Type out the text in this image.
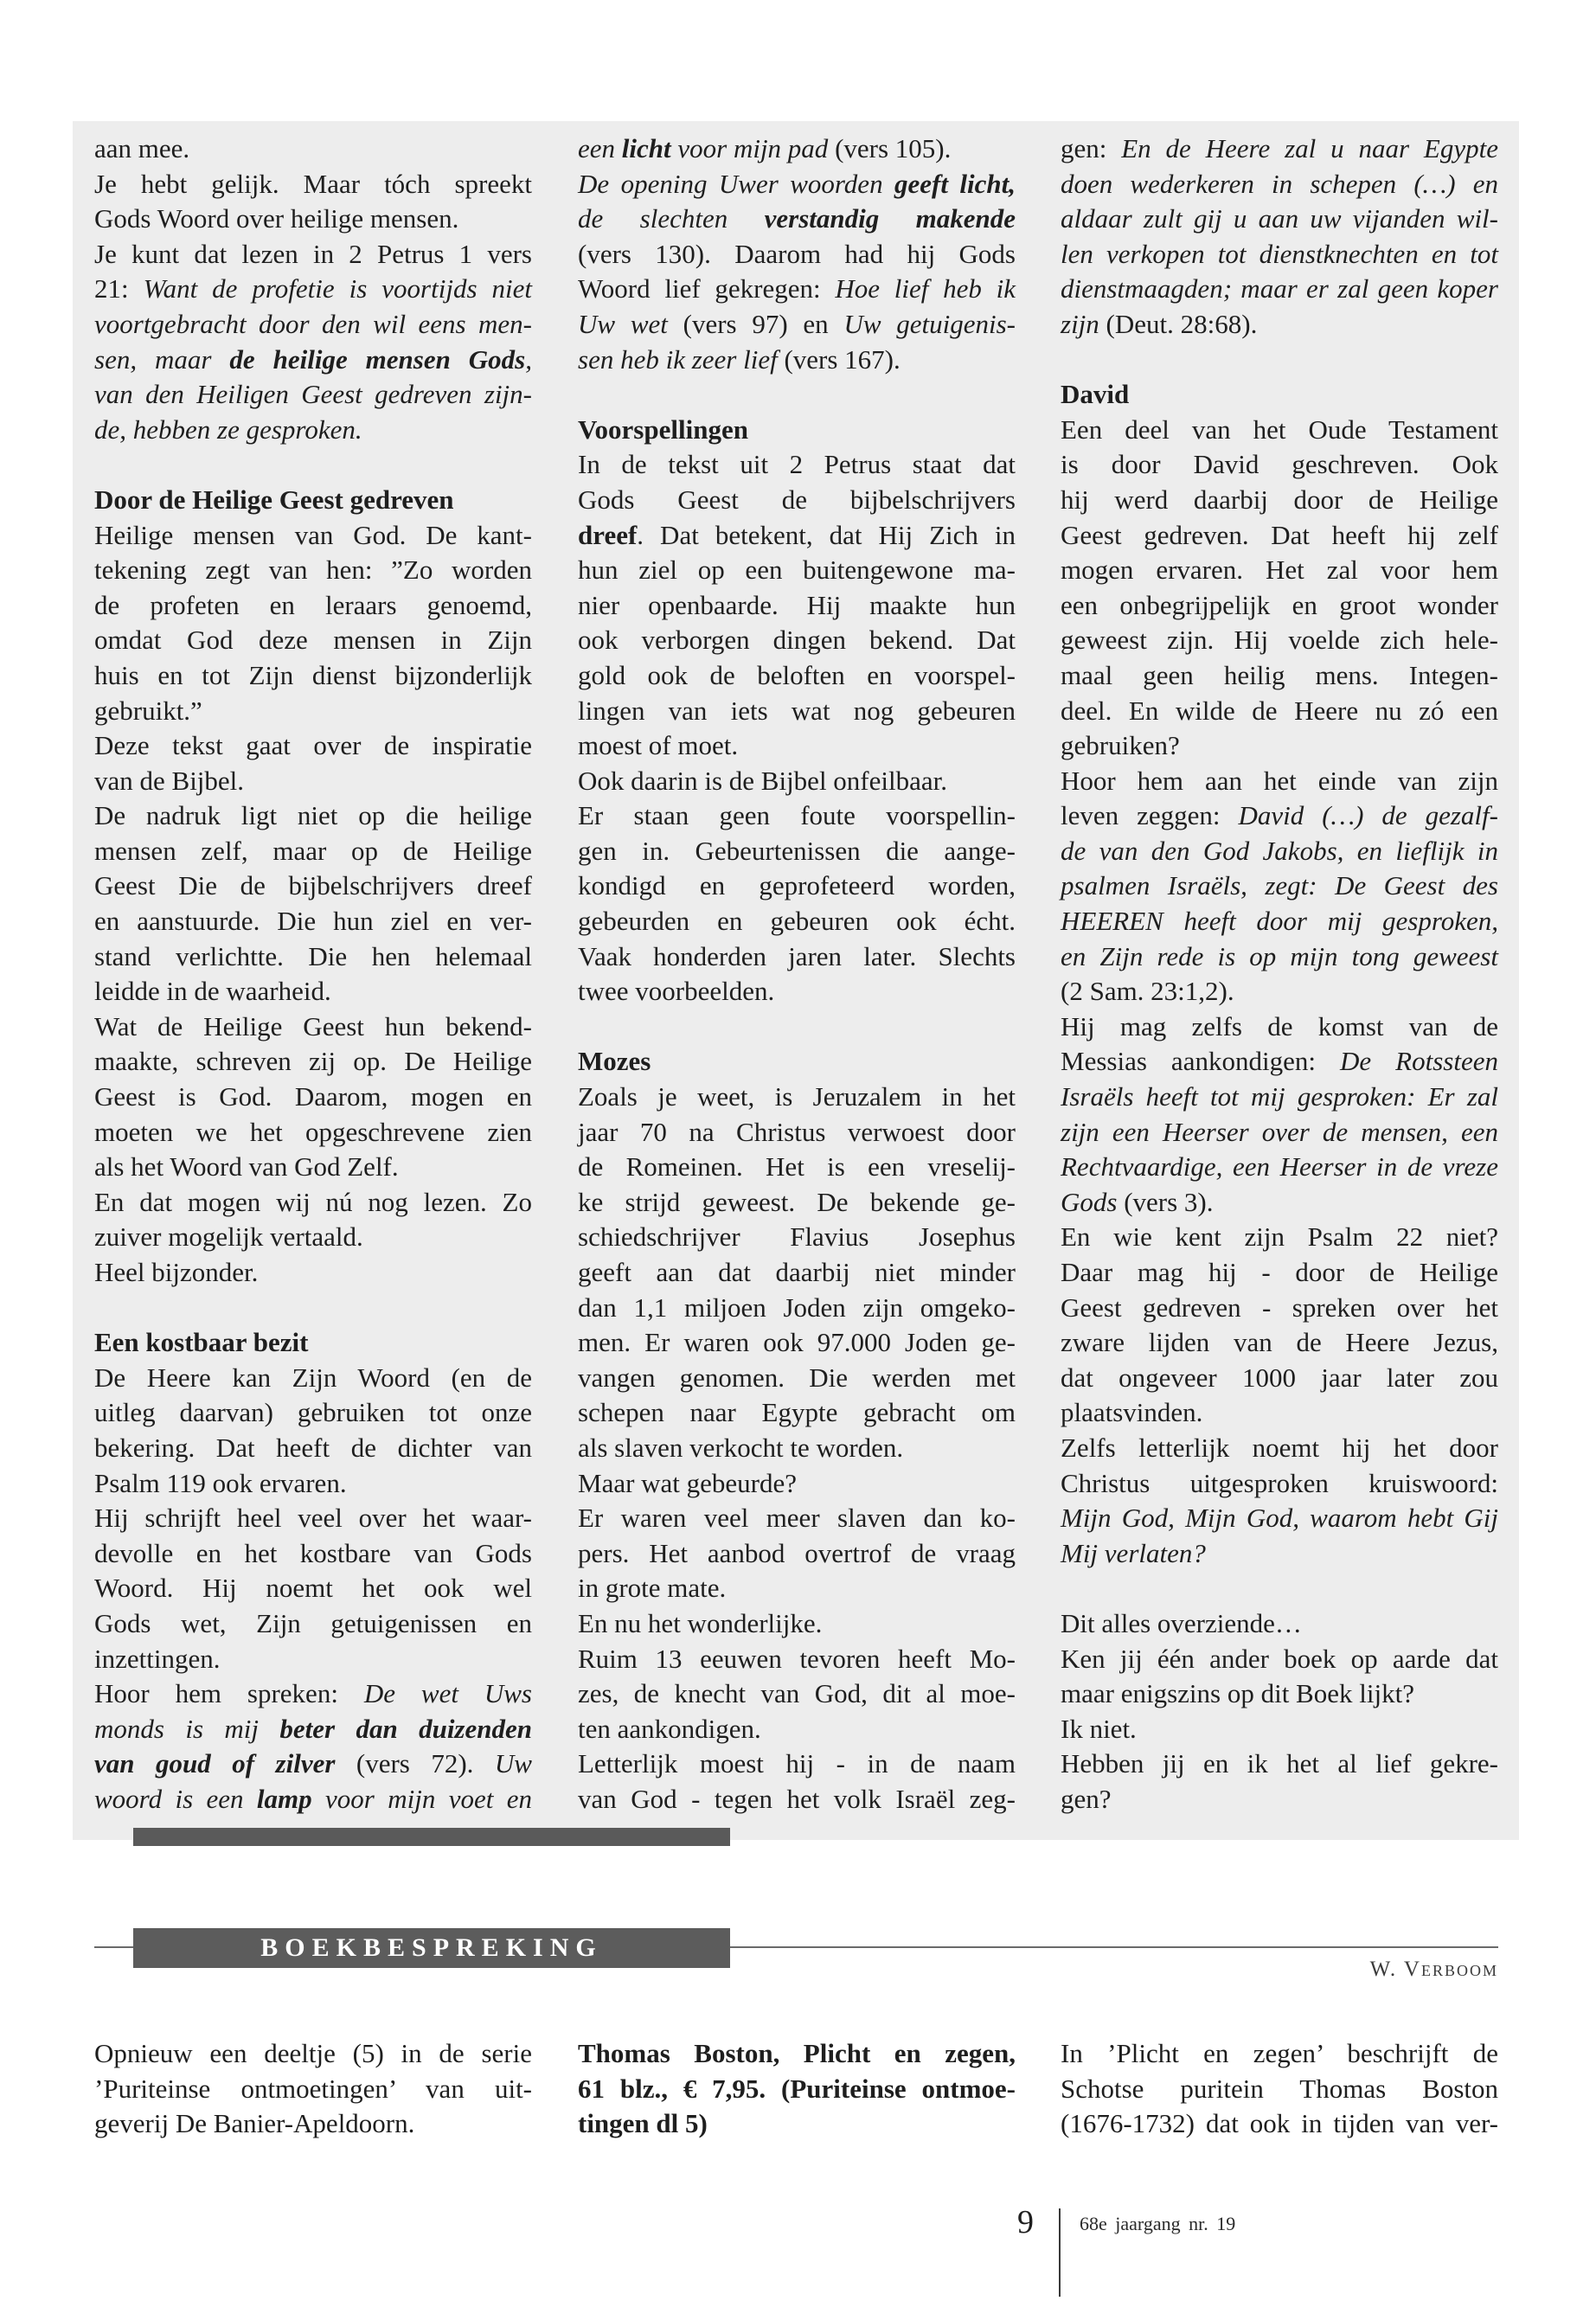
aan mee.
Je hebt gelijk. Maar tóch spreekt
Gods Woord over heilige mensen.
Je kunt dat lezen in 2 Petrus 1 vers
21: Want de profetie is voortijds niet
voortgebracht door den wil eens men-
sen, maar de heilige mensen Gods,
van den Heiligen Geest gedreven zijn-
de, hebben ze gesproken.
Door de Heilige Geest gedreven
Heilige mensen van God. De kant-
tekening zegt van hen: ”Zo worden
de profeten en leraars genoemd,
omdat God deze mensen in Zijn
huis en tot Zijn dienst bijzonderlijk
gebruikt.”
Deze tekst gaat over de inspiratie
van de Bijbel.
De nadruk ligt niet op die heilige
mensen zelf, maar op de Heilige
Geest Die de bijbelschrijvers dreef
en aanstuurde. Die hun ziel en ver-
stand verlichtte. Die hen helemaal
leidde in de waarheid.
Wat de Heilige Geest hun bekend-
maakte, schreven zij op. De Heilige
Geest is God. Daarom, mogen en
moeten we het opgeschrevene zien
als het Woord van God Zelf.
En dat mogen wij nú nog lezen. Zo
zuiver mogelijk vertaald.
Heel bijzonder.
Een kostbaar bezit
De Heere kan Zijn Woord (en de
uitleg daarvan) gebruiken tot onze
bekering. Dat heeft de dichter van
Psalm 119 ook ervaren.
Hij schrijft heel veel over het waar-
devolle en het kostbare van Gods
Woord. Hij noemt het ook wel
Gods wet, Zijn getuigenissen en
inzettingen.
Hoor hem spreken: De wet Uws
monds is mij beter dan duizenden
van goud of zilver (vers 72). Uw
woord is een lamp voor mijn voet en
een licht voor mijn pad (vers 105).
De opening Uwer woorden geeft licht,
de slechten verstandig makende
(vers 130). Daarom had hij Gods
Woord lief gekregen: Hoe lief heb ik
Uw wet (vers 97) en Uw getuigenis-
sen heb ik zeer lief (vers 167).
Voorspellingen
In de tekst uit 2 Petrus staat dat
Gods Geest de bijbelschrijvers
dreef. Dat betekent, dat Hij Zich in
hun ziel op een buitengewone ma-
nier openbaarde. Hij maakte hun
ook verborgen dingen bekend. Dat
gold ook de beloften en voorspel-
lingen van iets wat nog gebeuren
moest of moet.
Ook daarin is de Bijbel onfeilbaar.
Er staan geen foute voorspellin-
gen in. Gebeurtenissen die aange-
kondigd en geprofeteerd worden,
gebeurden en gebeuren ook écht.
Vaak honderden jaren later. Slechts
twee voorbeelden.
Mozes
Zoals je weet, is Jeruzalem in het
jaar 70 na Christus verwoest door
de Romeinen. Het is een vreselij-
ke strijd geweest. De bekende ge-
schiedschrijver Flavius Josephus
geeft aan dat daarbij niet minder
dan 1,1 miljoen Joden zijn omgeko-
men. Er waren ook 97.000 Joden ge-
vangen genomen. Die werden met
schepen naar Egypte gebracht om
als slaven verkocht te worden.
Maar wat gebeurde?
Er waren veel meer slaven dan ko-
pers. Het aanbod overtrof de vraag
in grote mate.
En nu het wonderlijke.
Ruim 13 eeuwen tevoren heeft Mo-
zes, de knecht van God, dit al moe-
ten aankondigen.
Letterlijk moest hij - in de naam
van God - tegen het volk Israël zeg-
gen: En de Heere zal u naar Egypte
doen wederkeren in schepen (…) en
aldaar zult gij u aan uw vijanden wil-
len verkopen tot dienstknechten en tot
dienstmaagden; maar er zal geen koper
zijn (Deut. 28:68).
David
Een deel van het Oude Testament
is door David geschreven. Ook
hij werd daarbij door de Heilige
Geest gedreven. Dat heeft hij zelf
mogen ervaren. Het zal voor hem
een onbegrijpelijk en groot wonder
geweest zijn. Hij voelde zich hele-
maal geen heilig mens. Integen-
deel. En wilde de Heere nu zó een
gebruiken?
Hoor hem aan het einde van zijn
leven zeggen: David (…) de gezalf-
de van den God Jakobs, en lieflijk in
psalmen Israëls, zegt: De Geest des
HEEREN heeft door mij gesproken,
en Zijn rede is op mijn tong geweest
(2 Sam. 23:1,2).
Hij mag zelfs de komst van de
Messias aankondigen: De Rotssteen
Israëls heeft tot mij gesproken: Er zal
zijn een Heerser over de mensen, een
Rechtvaardige, een Heerser in de vreze
Gods (vers 3).
En wie kent zijn Psalm 22 niet?
Daar mag hij - door de Heilige
Geest gedreven - spreken over het
zware lijden van de Heere Jezus,
dat ongeveer 1000 jaar later zou
plaatsvinden.
Zelfs letterlijk noemt hij het door
Christus uitgesproken kruiswoord:
Mijn God, Mijn God, waarom hebt Gij
Mij verlaten?
Dit alles overziende…
Ken jij één ander boek op aarde dat
maar enigszins op dit Boek lijkt?
Ik niet.
Hebben jij en ik het al lief gekre-
gen?
BOEKBESPREKING
W. Verboom
Opnieuw een deeltje (5) in de serie
’Puriteinse ontmoetingen’ van uit-
geverij De Banier-Apeldoorn.
Thomas Boston, Plicht en zegen,
61 blz., € 7,95. (Puriteinse ontmoe-
tingen dl 5)
In ’Plicht en zegen’ beschrijft de
Schotse puritein Thomas Boston
(1676-1732) dat ook in tijden van ver-
9 68e jaargang nr. 19
